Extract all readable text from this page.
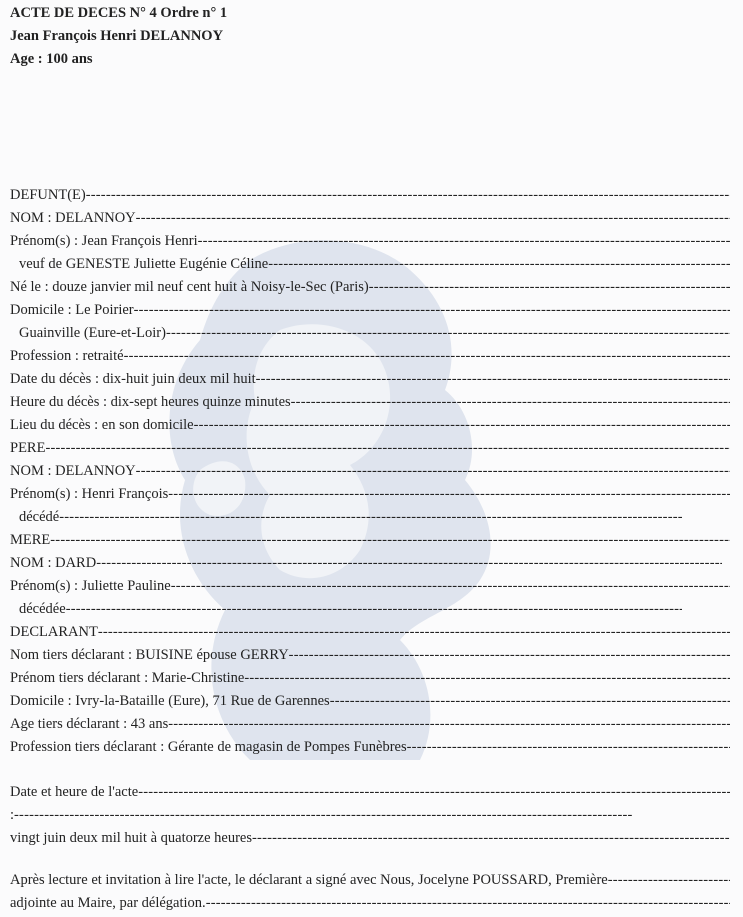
ACTE DE DECES N° 4 Ordre n° 1
Jean François Henri DELANNOY
Age : 100 ans
DEFUNT(E) -----
NOM : DELANNOY -----
Prénom(s) : Jean François Henri -----
veuf de GENESTE Juliette Eugénie Céline -----
Né le : douze janvier mil neuf cent huit à Noisy-le-Sec (Paris) -----
Domicile : Le Poirier -----
Guainville (Eure-et-Loir) -----
Profession : retraité -----
Date du décès : dix-huit juin deux mil huit -----
Heure du décès : dix-sept heures quinze minutes -----
Lieu du décès : en son domicile -----
PERE -----
NOM : DELANNOY -----
Prénom(s) : Henri François -----
décédé -----
MERE -----
NOM : DARD -----
Prénom(s) : Juliette Pauline -----
décédée -----
DECLARANT -----
Nom tiers déclarant : BUISINE épouse GERRY -----
Prénom tiers déclarant : Marie-Christine -----
Domicile : Ivry-la-Bataille (Eure), 71 Rue de Garennes -----
Age tiers déclarant : 43 ans -----
Profession tiers déclarant : Gérante de magasin de Pompes Funèbres -----
Date et heure de l'acte -----
: -----
vingt juin deux mil huit à quatorze heures -----
Après lecture et invitation à lire l'acte, le déclarant a signé avec Nous, Jocelyne POUSSARD, Première -----
adjointe au Maire, par délégation. -----
